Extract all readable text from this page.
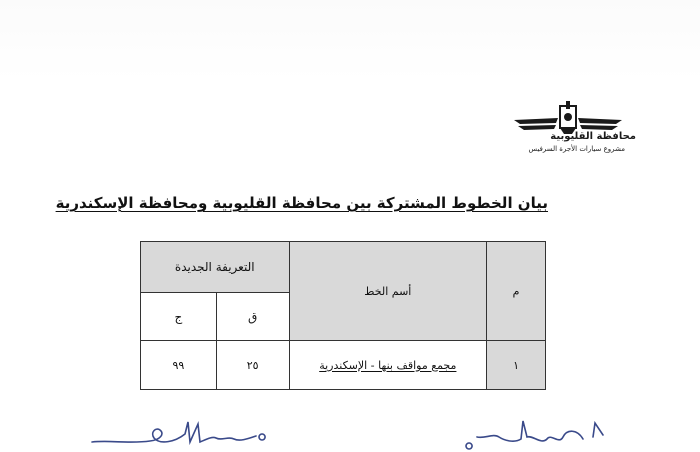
محافظة القليوبية
مشروع سيارات الأجرة السرفيس
بيان الخطوط المشتركة بين محافظة القليوبية ومحافظة الإسكندرية
التعريفة الجديدة		أسم الخط	م
ج	ق		
٩٩	٢٥	مجمع مواقف بنها - الإسكندرية	١
